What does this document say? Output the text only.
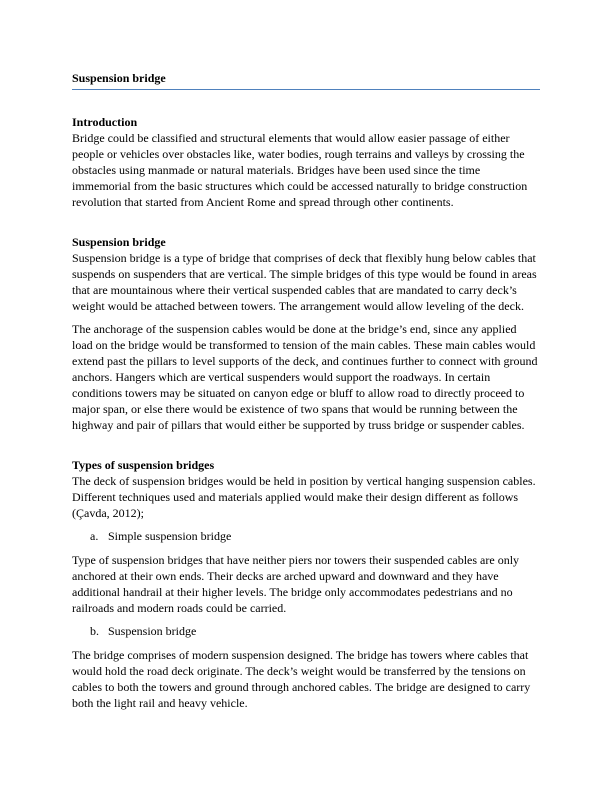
Suspension bridge

Introduction

Bridge could be classified and structural elements that would allow easier passage of either people or vehicles over obstacles like, water bodies, rough terrains and valleys by crossing the obstacles using manmade or natural materials. Bridges have been used since the time immemorial from the basic structures which could be accessed naturally to bridge construction revolution that started from Ancient Rome and spread through other continents.

Suspension bridge

Suspension bridge is a type of bridge that comprises of deck that flexibly hung below cables that suspends on suspenders that are vertical. The simple bridges of this type would be found in areas that are mountainous where their vertical suspended cables that are mandated to carry deck’s weight would be attached between towers. The arrangement would allow leveling of the deck.

The anchorage of the suspension cables would be done at the bridge’s end, since any applied load on the bridge would be transformed to tension of the main cables. These main cables would extend past the pillars to level supports of the deck, and continues further to connect with ground anchors. Hangers which are vertical suspenders would support the roadways. In certain conditions towers may be situated on canyon edge or bluff to allow road to directly proceed to major span, or else there would be existence of two spans that would be running between the highway and pair of pillars that would either be supported by truss bridge or suspender cables.

Types of suspension bridges

The deck of suspension bridges would be held in position by vertical hanging suspension cables. Different techniques used and materials applied would make their design different as follows (Çavda, 2012);

a. Simple suspension bridge

Type of suspension bridges that have neither piers nor towers their suspended cables are only anchored at their own ends. Their decks are arched upward and downward and they have additional handrail at their higher levels. The bridge only accommodates pedestrians and no railroads and modern roads could be carried.

b. Suspension bridge

The bridge comprises of modern suspension designed. The bridge has towers where cables that would hold the road deck originate. The deck’s weight would be transferred by the tensions on cables to both the towers and ground through anchored cables. The bridge are designed to carry both the light rail and heavy vehicle.
